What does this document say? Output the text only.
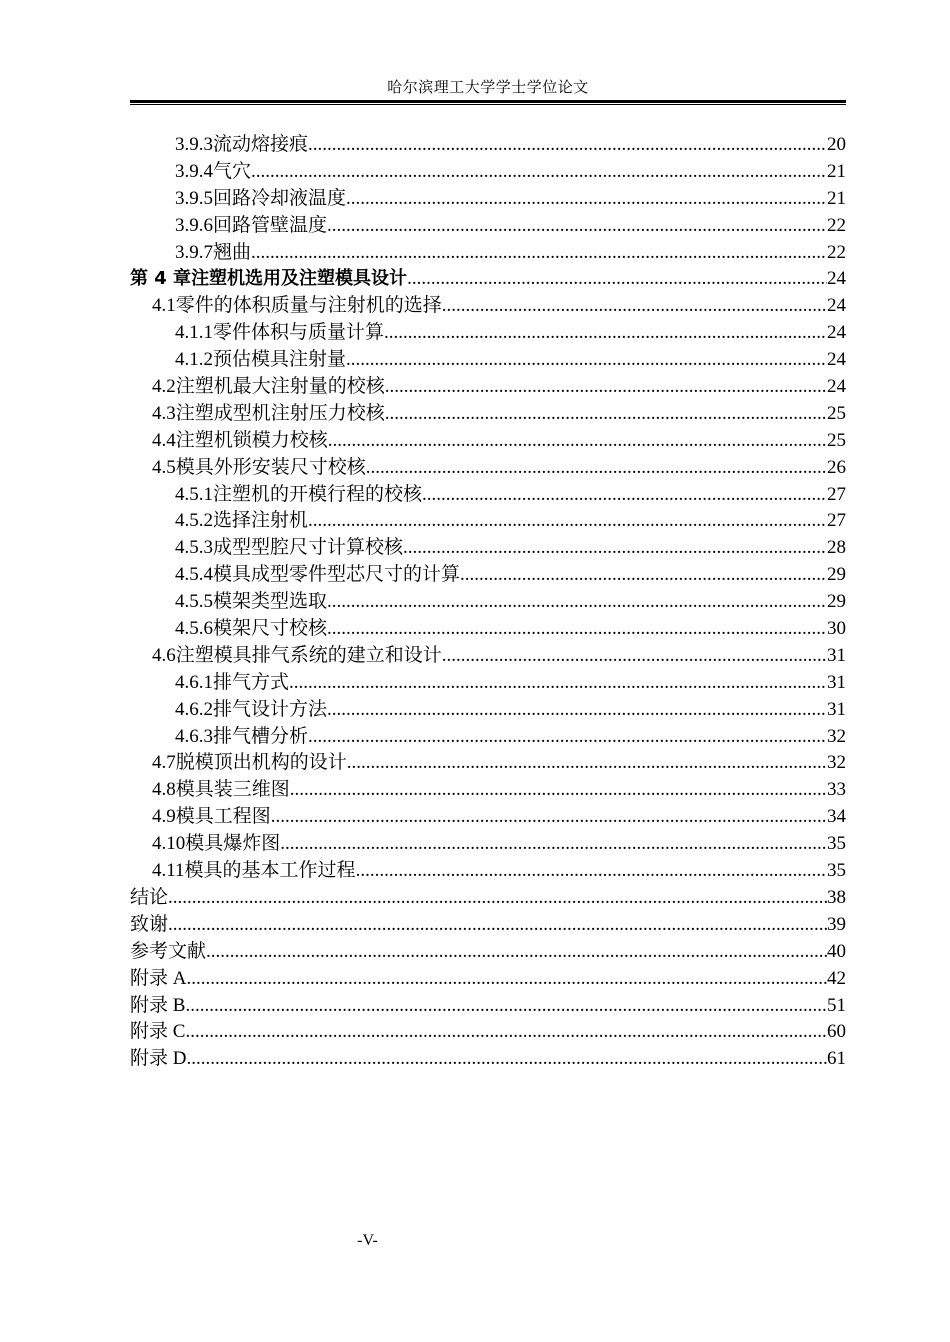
哈尔滨理工大学学士学位论文
3.9.3 流动熔接痕 .....	20
3.9.4 气穴 .....	21
3.9.5 回路冷却液温度 .....	21
3.9.6 回路管壁温度 .....	22
3.9.7 翘曲 .....	22
第 4 章 注塑机选用及注塑模具设计 .....	24
4.1 零件的体积质量与注射机的选择 .....	24
4.1.1 零件体积与质量计算 .....	24
4.1.2 预估模具注射量 .....	24
4.2 注塑机最大注射量的校核 .....	24
4.3 注塑成型机注射压力校核 .....	25
4.4 注塑机锁模力校核 .....	25
4.5 模具外形安装尺寸校核 .....	26
4.5.1 注塑机的开模行程的校核 .....	27
4.5.2 选择注射机 .....	27
4.5.3 成型型腔尺寸计算校核 .....	28
4.5.4 模具成型零件型芯尺寸的计算 .....	29
4.5.5 模架类型选取 .....	29
4.5.6 模架尺寸校核 .....	30
4.6 注塑模具排气系统的建立和设计 .....	31
4.6.1 排气方式 .....	31
4.6.2 排气设计方法 .....	31
4.6.3 排气槽分析 .....	32
4.7 脱模顶出机构的设计 .....	32
4.8 模具装三维图 .....	33
4.9 模具工程图 .....	34
4.10 模具爆炸图 .....	35
4.11 模具的基本工作过程 .....	35
结论 .....	38
致谢 .....	39
参考文献 .....	40
附录 A .....	42
附录 B .....	51
附录 C .....	60
附录 D .....	61
-V-
